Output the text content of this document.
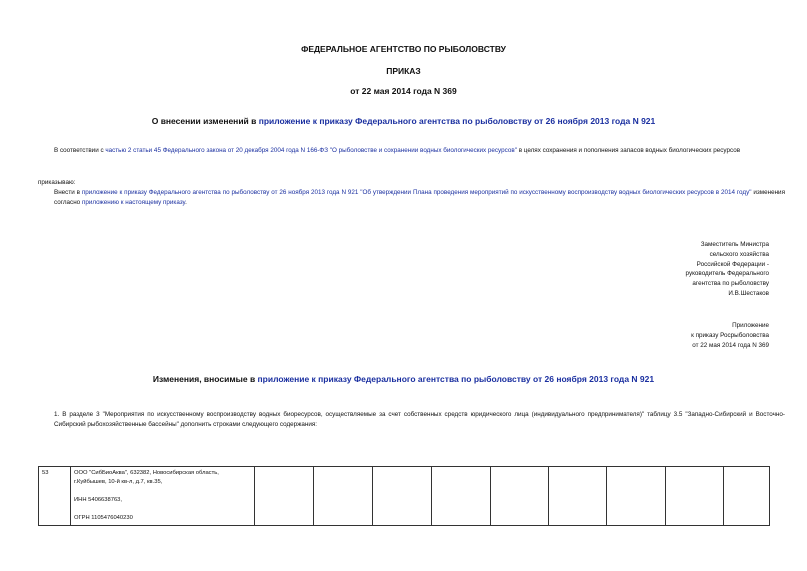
ФЕДЕРАЛЬНОЕ АГЕНТСТВО ПО РЫБОЛОВСТВУ
ПРИКАЗ
от 22 мая 2014 года N 369
О внесении изменений в приложение к приказу Федерального агентства по рыболовству от 26 ноября 2013 года N 921
В соответствии с частью 2 статьи 45 Федерального закона от 20 декабря 2004 года N 166-ФЗ "О рыболовстве и сохранении водных биологических ресурсов" в целях сохранения и пополнения запасов водных биологических ресурсов
приказываю:
Внести в приложение к приказу Федерального агентства по рыболовству от 26 ноября 2013 года N 921 "Об утверждении Плана проведения мероприятий по искусственному воспроизводству водных биологических ресурсов в 2014 году" изменения согласно приложению к настоящему приказу.
Заместитель Министра
сельского хозяйства
Российской Федерации -
руководитель Федерального
агентства по рыболовству
И.В.Шестаков
Приложение
к приказу Росрыболовства
от 22 мая 2014 года N 369
Изменения, вносимые в приложение к приказу Федерального агентства по рыболовству от 26 ноября 2013 года N 921
1. В разделе 3 "Мероприятия по искусственному воспроизводству водных биоресурсов, осуществляемые за счет собственных средств юридического лица (индивидуального предпринимателя)" таблицу 3.5 "Западно-Сибирский и Восточно-Сибирский рыбохозяйственные бассейны" дополнить строками следующего содержания:
53	ООО "СибБиоАква", 632382, Новосибирская область,
г.Куйбышев, 10-й кв-л, д.7, кв.35,

ИНН 5406638763,

ОГРН 1105476040230
